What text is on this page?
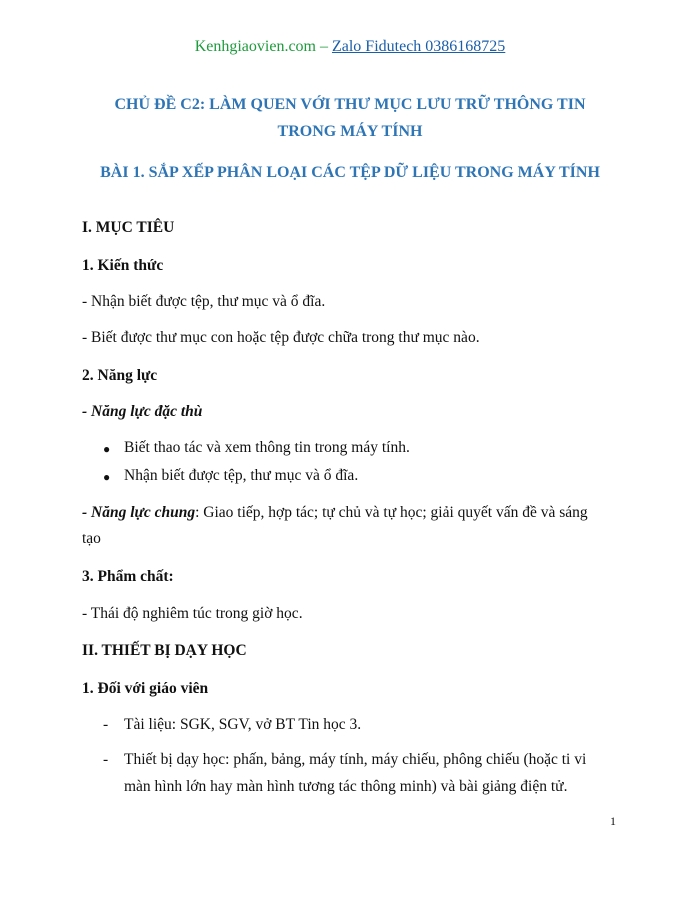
Kenhgiaovien.com – Zalo Fidutech 0386168725
CHỦ ĐỀ C2: LÀM QUEN VỚI THƯ MỤC LƯU TRỮ THÔNG TIN
TRONG MÁY TÍNH
BÀI 1. SẮP XẾP PHÂN LOẠI CÁC TỆP DỮ LIỆU TRONG MÁY TÍNH
I. MỤC TIÊU
1. Kiến thức
- Nhận biết được tệp, thư mục và ổ đĩa.
- Biết được thư mục con hoặc tệp được chữa trong thư mục nào.
2. Năng lực
- Năng lực đặc thù
● Biết thao tác và xem thông tin trong máy tính.
● Nhận biết được tệp, thư mục và ổ đĩa.
- Năng lực chung: Giao tiếp, hợp tác; tự chủ và tự học; giải quyết vấn đề và sáng
tạo
3. Phẩm chất:
- Thái độ nghiêm túc trong giờ học.
II. THIẾT BỊ DẠY HỌC
1. Đối với giáo viên
- Tài liệu: SGK, SGV, vở BT Tin học 3.
- Thiết bị dạy học: phấn, bảng, máy tính, máy chiếu, phông chiếu (hoặc ti vi
màn hình lớn hay màn hình tương tác thông minh) và bài giảng điện tử.
1
